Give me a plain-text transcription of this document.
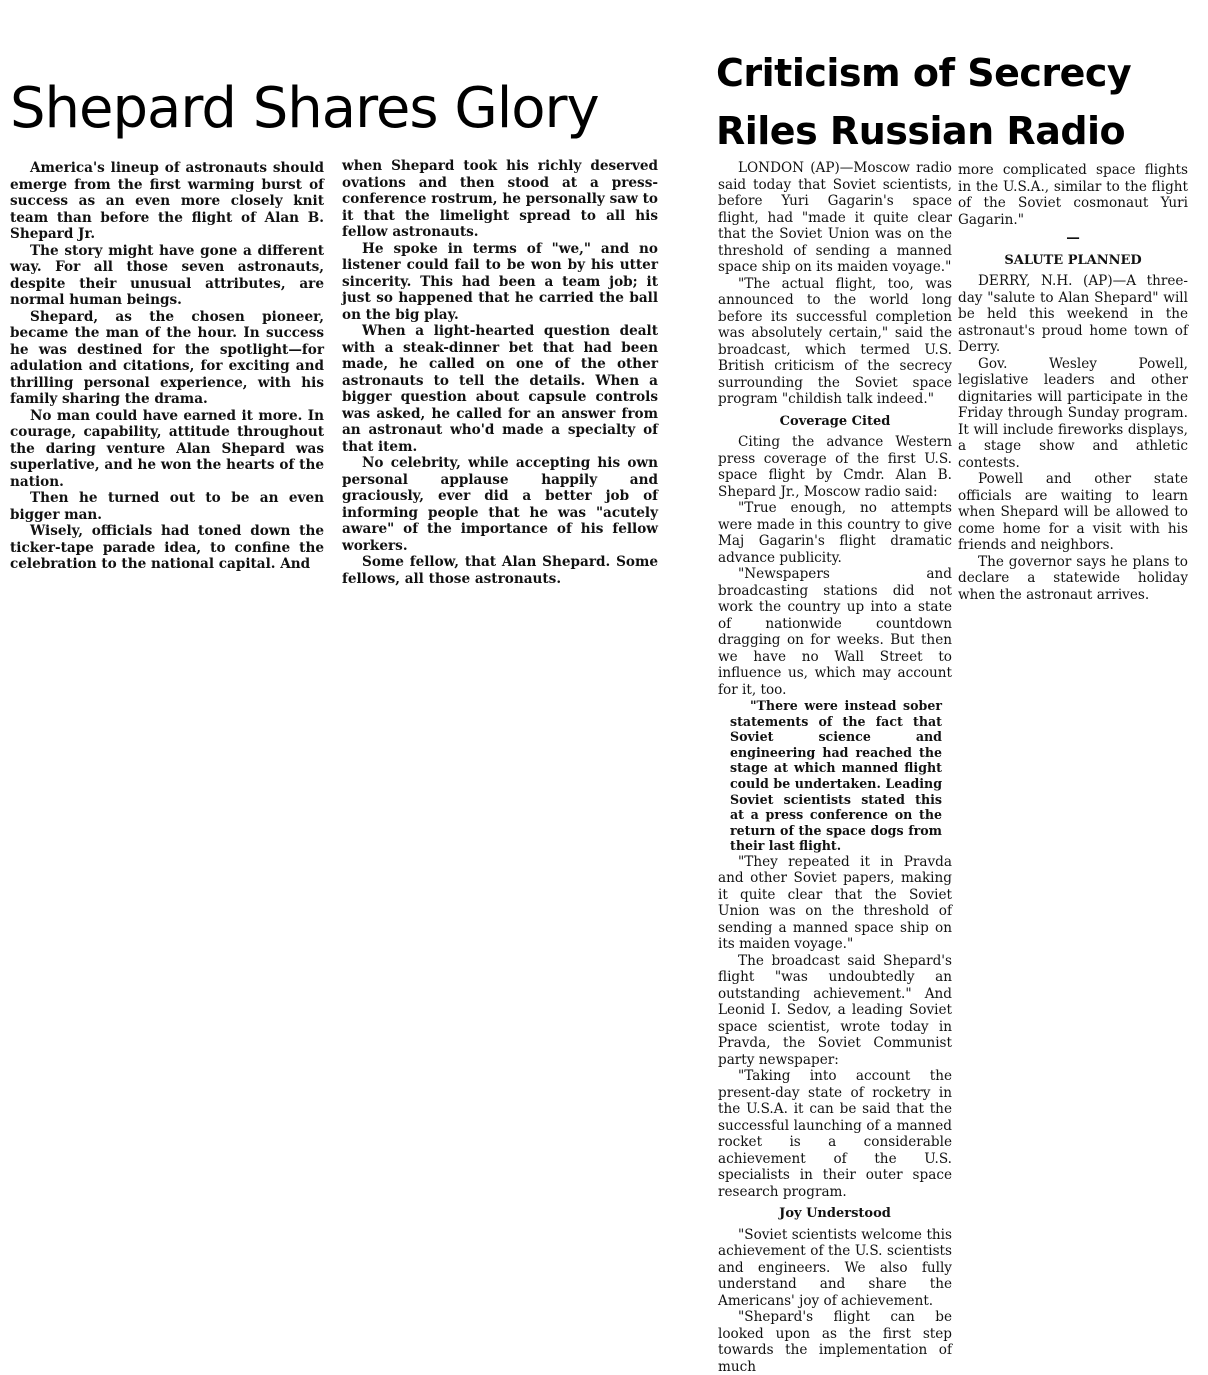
Shepard Shares Glory

America's lineup of astronauts should emerge from the first warming burst of success as an even more closely knit team than before the flight of Alan B. Shepard Jr.

The story might have gone a different way. For all those seven astronauts, despite their unusual attributes, are normal human beings.

Shepard, as the chosen pioneer, became the man of the hour. In success he was destined for the spotlight—for adulation and citations, for exciting and thrilling personal experience, with his family sharing the drama.

No man could have earned it more. In courage, capability, attitude throughout the daring venture Alan Shepard was superlative, and he won the hearts of the nation.

Then he turned out to be an even bigger man.

Wisely, officials had toned down the ticker-tape parade idea, to confine the celebration to the national capital. And

when Shepard took his richly deserved ovations and then stood at a press-conference rostrum, he personally saw to it that the limelight spread to all his fellow astronauts.

He spoke in terms of "we," and no listener could fail to be won by his utter sincerity. This had been a team job; it just so happened that he carried the ball on the big play.

When a light-hearted question dealt with a steak-dinner bet that had been made, he called on one of the other astronauts to tell the details. When a bigger question about capsule controls was asked, he called for an answer from an astronaut who'd made a specialty of that item.

No celebrity, while accepting his own personal applause happily and graciously, ever did a better job of informing people that he was "acutely aware" of the importance of his fellow workers.

Some fellow, that Alan Shepard. Some fellows, all those astronauts.

Criticism of Secrecy
Riles Russian Radio

LONDON (AP)—Moscow radio said today that Soviet scientists, before Yuri Gagarin's space flight, had "made it quite clear that the Soviet Union was on the threshold of sending a manned space ship on its maiden voyage."

"The actual flight, too, was announced to the world long before its successful completion was absolutely certain," said the broadcast, which termed U.S. British criticism of the secrecy surrounding the Soviet space program "childish talk indeed."

Coverage Cited

Citing the advance Western press coverage of the first U.S. space flight by Cmdr. Alan B. Shepard Jr., Moscow radio said:

"True enough, no attempts were made in this country to give Maj Gagarin's flight dramatic advance publicity.

"Newspapers and broadcasting stations did not work the country up into a state of nationwide countdown dragging on for weeks. But then we have no Wall Street to influence us, which may account for it, too.

"There were instead sober statements of the fact that Soviet science and engineering had reached the stage at which manned flight could be undertaken. Leading Soviet scientists stated this at a press conference on the return of the space dogs from their last flight.

"They repeated it in Pravda and other Soviet papers, making it quite clear that the Soviet Union was on the threshold of sending a manned space ship on its maiden voyage."

The broadcast said Shepard's flight "was undoubtedly an outstanding achievement." And Leonid I. Sedov, a leading Soviet space scientist, wrote today in Pravda, the Soviet Communist party newspaper:

"Taking into account the present-day state of rocketry in the U.S.A. it can be said that the successful launching of a manned rocket is a considerable achievement of the U.S. specialists in their outer space research program.

Joy Understood

"Soviet scientists welcome this achievement of the U.S. scientists and engineers. We also fully understand and share the Americans' joy of achievement.

"Shepard's flight can be looked upon as the first step towards the implementation of much

more complicated space flights in the U.S.A., similar to the flight of the Soviet cosmonaut Yuri Gagarin."

—

SALUTE PLANNED

DERRY, N.H. (AP)—A three-day "salute to Alan Shepard" will be held this weekend in the astronaut's proud home town of Derry.

Gov. Wesley Powell, legislative leaders and other dignitaries will participate in the Friday through Sunday program. It will include fireworks displays, a stage show and athletic contests.

Powell and other state officials are waiting to learn when Shepard will be allowed to come home for a visit with his friends and neighbors.

The governor says he plans to declare a statewide holiday when the astronaut arrives.
